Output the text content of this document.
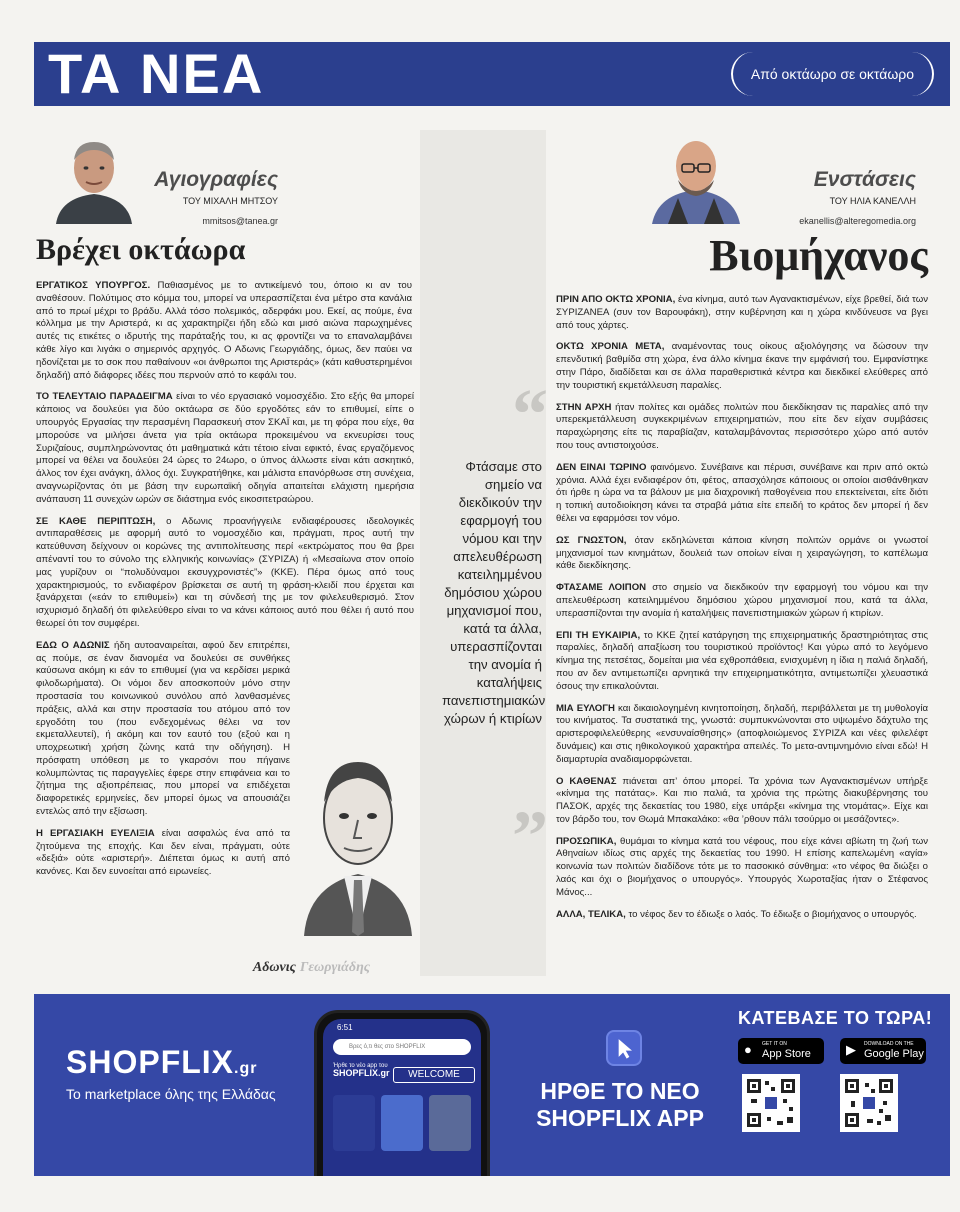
ΤΑ ΝΕΑ	Από οκτάωρο σε οκτάωρο
Αγιογραφίες
ΤΟΥ ΜΙΧΑΛΗ ΜΗΤΣΟΥ
mmitsos@tanea.gr
Βρέχει οκτάωρα

ΕΡΓΑΤΙΚΟΣ ΥΠΟΥΡΓΟΣ. Παθιασμένος με το αντικείμενό του, όποιο κι αν του αναθέσουν. Πολύτιμος στο κόμμα του, μπορεί να υπερασπίζεται ένα μέτρο στα κανάλια από το πρωί μέχρι το βράδυ. Αλλά τόσο πολεμικός, αδερφάκι μου. Εκεί, ας πούμε, ένα κόλλημα με την Αριστερά, κι ας χαρακτηρίζει ήδη εδώ και μισό αιώνα παρωχημένες αυτές τις ετικέτες ο ιδρυτής της παράταξής του, κι ας φροντίζει να το επαναλαμβάνει κάθε λίγο και λιγάκι ο σημερινός αρχηγός. Ο Αδωνις Γεωργιάδης, όμως, δεν παύει να ηδονίζεται με το σοκ που παθαίνουν «οι άνθρωποι της Αριστεράς» (κάτι καθυστερημένοι δηλαδή) από διάφορες ιδέες που περνούν από το κεφάλι του.

ΤΟ ΤΕΛΕΥΤΑΙΟ ΠΑΡΑΔΕΙΓΜΑ είναι το νέο εργασιακό νομοσχέδιο. Στο εξής θα μπορεί κάποιος να δουλεύει για δύο οκτάωρα σε δύο εργοδότες εάν το επιθυμεί, είπε ο υπουργός Εργασίας την περασμένη Παρασκευή στον ΣΚΑΪ και, με τη φόρα που είχε, θα μπορούσε να μιλήσει άνετα για τρία οκτάωρα προκειμένου να εκνευρίσει τους Συριζαίους, συμπληρώνοντας ότι μαθηματικά κάτι τέτοιο είναι εφικτό, ένας εργαζόμενος μπορεί να θέλει να δουλεύει 24 ώρες το 24ωρο, ο ύπνος άλλωστε είναι κάτι ασκητικό, άλλος τον έχει ανάγκη, άλλος όχι. Συγκρατήθηκε, και μάλιστα επανόρθωσε στη συνέχεια, αναγνωρίζοντας ότι με βάση την ευρωπαϊκή οδηγία απαιτείται ελάχιστη ημερήσια ανάπαυση 11 συνεχών ωρών σε διάστημα ενός εικοσιτετραώρου.

ΣΕ ΚΑΘΕ ΠΕΡΙΠΤΩΣΗ, ο Αδωνις προανήγγειλε ενδιαφέρουσες ιδεολογικές αντιπαραθέσεις με αφορμή αυτό το νομοσχέδιο και, πράγματι, προς αυτή την κατεύθυνση δείχνουν οι κορώνες της αντιπολίτευσης περί «εκτρώματος που θα βρει απέναντί του το σύνολο της ελληνικής κοινωνίας» (ΣΥΡΙΖΑ) ή «Μεσαίωνα στον οποίο μας γυρίζουν οι “πολυδύναμοι εκσυγχρονιστές”» (ΚΚΕ). Πέρα όμως από τους χαρακτηρισμούς, το ενδιαφέρον βρίσκεται σε αυτή τη φράση-κλειδί που έρχεται και ξανάρχεται («εάν το επιθυμεί») και τη σύνδεσή της με τον φιλελευθερισμό. Στον ισχυρισμό δηλαδή ότι φιλελεύθερο είναι το να κάνει κάποιος αυτό που θέλει ή αυτό που θεωρεί ότι τον συμφέρει.

ΕΔΩ Ο ΑΔΩΝΙΣ ήδη αυτοαναιρείται, αφού δεν επιτρέπει, ας πούμε, σε έναν διανομέα να δουλεύει σε συνθήκες καύσωνα ακόμη κι εάν το επιθυμεί (για να κερδίσει μερικά φιλοδωρήματα). Οι νόμοι δεν αποσκοπούν μόνο στην προστασία του κοινωνικού συνόλου από λανθασμένες πράξεις, αλλά και στην προστασία του ατόμου από τον εργοδότη του (που ενδεχομένως θέλει να τον εκμεταλλευτεί), ή ακόμη και τον εαυτό του (εξού και η υποχρεωτική χρήση ζώνης κατά την οδήγηση). Η πρόσφατη υπόθεση με το γκαρσόνι που πήγαινε κολυμπώντας τις παραγγελίες έφερε στην επιφάνεια και το ζήτημα της αξιοπρέπειας, που μπορεί να επιδέχεται διαφορετικές ερμηνείες, δεν μπορεί όμως να απουσιάζει εντελώς από την εξίσωση.

Η ΕΡΓΑΣΙΑΚΗ ΕΥΕΛΙΞΙΑ είναι ασφαλώς ένα από τα ζητούμενα της εποχής. Και δεν είναι, πράγματι, ούτε «δεξιά» ούτε «αριστερή». Διέπεται όμως κι αυτή από κανόνες. Και δεν ευνοείται από ειρωνείες.

Αδωνις Γεωργιάδης
“
Φτάσαμε στο σημείο να διεκδικούν την εφαρμογή του νόμου και την απελευθέρωση κατειλημμένου δημόσιου χώρου μηχανισμοί που, κατά τα άλλα, υπερασπίζονται την ανομία ή καταλήψεις πανεπιστημιακών χώρων ή κτιρίων
”
Ενστάσεις
ΤΟΥ ΗΛΙΑ ΚΑΝΕΛΛΗ
ekanellis@alteregomedia.org
Βιομήχανος

ΠΡΙΝ ΑΠΟ ΟΚΤΩ ΧΡΟΝΙΑ, ένα κίνημα, αυτό των Αγανακτισμένων, είχε βρεθεί, διά των ΣΥΡΙΖΑΝΕΑ (συν τον Βαρουφάκη), στην κυβέρνηση και η χώρα κινδύνευσε να βγει από τους χάρτες.

ΟΚΤΩ ΧΡΟΝΙΑ ΜΕΤΑ, αναμένοντας τους οίκους αξιολόγησης να δώσουν την επενδυτική βαθμίδα στη χώρα, ένα άλλο κίνημα έκανε την εμφάνισή του. Εμφανίστηκε στην Πάρο, διαδίδεται και σε άλλα παραθεριστικά κέντρα και διεκδικεί ελεύθερες από την τουριστική εκμετάλλευση παραλίες.

ΣΤΗΝ ΑΡΧΗ ήταν πολίτες και ομάδες πολιτών που διεκδίκησαν τις παραλίες από την υπερεκμετάλλευση συγκεκριμένων επιχειρηματιών, που είτε δεν είχαν συμβάσεις παραχώρησης είτε τις παραβίαζαν, καταλαμβάνοντας περισσότερο χώρο από αυτόν που τους αντιστοιχούσε.

ΔΕΝ ΕΙΝΑΙ ΤΩΡΙΝΟ φαινόμενο. Συνέβαινε και πέρυσι, συνέβαινε και πριν από οκτώ χρόνια. Αλλά έχει ενδιαφέρον ότι, φέτος, απασχόλησε κάποιους οι οποίοι αισθάνθηκαν ότι ήρθε η ώρα να τα βάλουν με μια διαχρονική παθογένεια που επεκτείνεται, είτε διότι η τοπική αυτοδιοίκηση κάνει τα στραβά μάτια είτε επειδή το κράτος δεν μπορεί ή δεν θέλει να εφαρμόσει τον νόμο.

ΩΣ ΓΝΩΣΤΟΝ, όταν εκδηλώνεται κάποια κίνηση πολιτών ορμάνε οι γνωστοί μηχανισμοί των κινημάτων, δουλειά των οποίων είναι η χειραγώγηση, το καπέλωμα κάθε διεκδίκησης.

ΦΤΑΣΑΜΕ ΛΟΙΠΟΝ στο σημείο να διεκδικούν την εφαρμογή του νόμου και την απελευθέρωση κατειλημμένου δημόσιου χώρου μηχανισμοί που, κατά τα άλλα, υπερασπίζονται την ανομία ή καταλήψεις πανεπιστημιακών χώρων ή κτιρίων.

ΕΠΙ ΤΗ ΕΥΚΑΙΡΙΑ, το ΚΚΕ ζητεί κατάργηση της επιχειρηματικής δραστηριότητας στις παραλίες, δηλαδή απαξίωση του τουριστικού προϊόντος! Και γύρω από το λεγόμενο κίνημα της πετσέτας, δομείται μια νέα εχθροπάθεια, ενισχυμένη η ίδια η παλιά δηλαδή, που αν δεν αντιμετωπίζει αρνητικά την επιχειρηματικότητα, αντιμετωπίζει χλευαστικά όσους την επικαλούνται.

ΜΙΑ ΕΥΛΟΓΗ και δικαιολογημένη κινητοποίηση, δηλαδή, περιβάλλεται με τη μυθολογία του κινήματος. Τα συστατικά της, γνωστά: συμπυκνώνονται στο υψωμένο δάχτυλο της αριστεροφιλελεύθερης «ενσυναίσθησης» (αποφλοιώμενος ΣΥΡΙΖΑ και νέες φιλελέφτ δυνάμεις) και στις ηθικολογικού χαρακτήρα απειλές. Το μετα-αντιμνημόνιο είναι εδώ! Η διαμαρτυρία αναδιαμορφώνεται.

Ο ΚΑΘΕΝΑΣ πιάνεται απ’ όπου μπορεί. Τα χρόνια των Αγανακτισμένων υπήρξε «κίνημα της πατάτας». Και πιο παλιά, τα χρόνια της πρώτης διακυβέρνησης του ΠΑΣΟΚ, αρχές της δεκαετίας του 1980, είχε υπάρξει «κίνημα της ντομάτας». Είχε και τον βάρδο του, τον Θωμά Μπακαλάκο: «θα ’ρθουν πάλι τσούρμο οι μεσάζοντες».

ΠΡΟΣΩΠΙΚΑ, θυμάμαι το κίνημα κατά του νέφους, που είχε κάνει αβίωτη τη ζωή των Αθηναίων ιδίως στις αρχές της δεκαετίας του 1990. Η επίσης καπελωμένη «αγία» κοινωνία των πολιτών διαδίδονε τότε με το πασοκικό σύνθημα: «το νέφος θα διώξει ο λαός και όχι ο βιομήχανος ο υπουργός». Υπουργός Χωροταξίας ήταν ο Στέφανος Μάνος...

ΑΛΛΑ, ΤΕΛΙΚΑ, το νέφος δεν το έδιωξε ο λαός. Το έδιωξε ο βιομήχανος ο υπουργός.

SHOPFLIX.gr
Το marketplace όλης της Ελλάδας
6:51
Βρες ό,τι θες στο SHOPFLIX
Ήρθε το νέο app του
SHOPFLIX.gr	WELCOME
ΗΡΘΕ ΤΟ ΝΕΟ
SHOPFLIX APP
ΚΑΤΕΒΑΣΕ ΤΟ ΤΩΡΑ!
● GET IT ON
App Store	▶ DOWNLOAD ON THE
Google Play
